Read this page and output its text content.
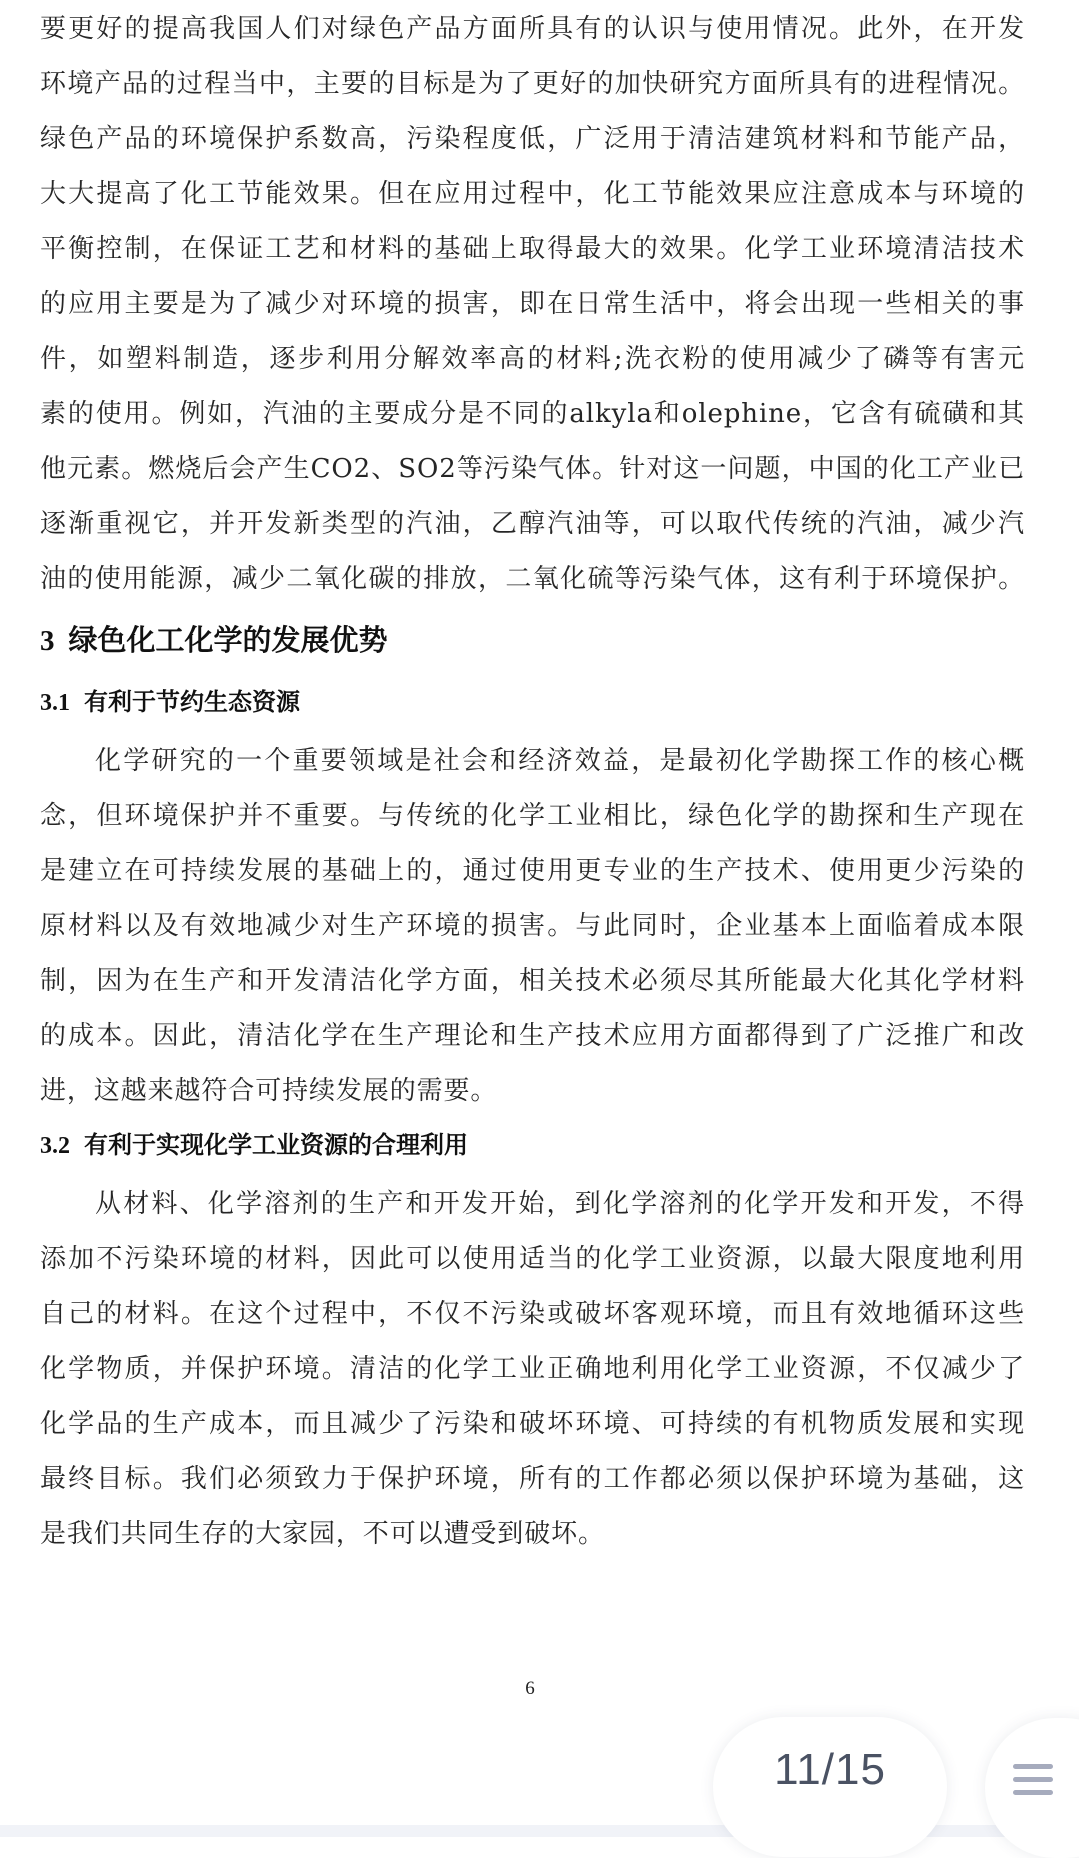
要更好的提高我国人们对绿色产品方面所具有的认识与使用情况。此外，在开发
环境产品的过程当中，主要的目标是为了更好的加快研究方面所具有的进程情况。
绿色产品的环境保护系数高，污染程度低，广泛用于清洁建筑材料和节能产品，
大大提高了化工节能效果。但在应用过程中，化工节能效果应注意成本与环境的
平衡控制，在保证工艺和材料的基础上取得最大的效果。化学工业环境清洁技术
的应用主要是为了减少对环境的损害，即在日常生活中，将会出现一些相关的事
件，如塑料制造，逐步利用分解效率高的材料;洗衣粉的使用减少了磷等有害元
素的使用。例如，汽油的主要成分是不同的alkyla和olephine，它含有硫磺和其
他元素。燃烧后会产生CO2、SO2等污染气体。针对这一问题，中国的化工产业已
逐渐重视它，并开发新类型的汽油，乙醇汽油等，可以取代传统的汽油，减少汽
油的使用能源，减少二氧化碳的排放，二氧化硫等污染气体，这有利于环境保护。
3 绿色化工化学的发展优势
3.1 有利于节约生态资源
化学研究的一个重要领域是社会和经济效益，是最初化学勘探工作的核心概
念，但环境保护并不重要。与传统的化学工业相比，绿色化学的勘探和生产现在
是建立在可持续发展的基础上的，通过使用更专业的生产技术、使用更少污染的
原材料以及有效地减少对生产环境的损害。与此同时，企业基本上面临着成本限
制，因为在生产和开发清洁化学方面，相关技术必须尽其所能最大化其化学材料
的成本。因此，清洁化学在生产理论和生产技术应用方面都得到了广泛推广和改
进，这越来越符合可持续发展的需要。
3.2 有利于实现化学工业资源的合理利用
从材料、化学溶剂的生产和开发开始，到化学溶剂的化学开发和开发，不得
添加不污染环境的材料，因此可以使用适当的化学工业资源，以最大限度地利用
自己的材料。在这个过程中，不仅不污染或破坏客观环境，而且有效地循环这些
化学物质，并保护环境。清洁的化学工业正确地利用化学工业资源，不仅减少了
化学品的生产成本，而且减少了污染和破坏环境、可持续的有机物质发展和实现
最终目标。我们必须致力于保护环境，所有的工作都必须以保护环境为基础，这
是我们共同生存的大家园，不可以遭受到破坏。
6
11/15
